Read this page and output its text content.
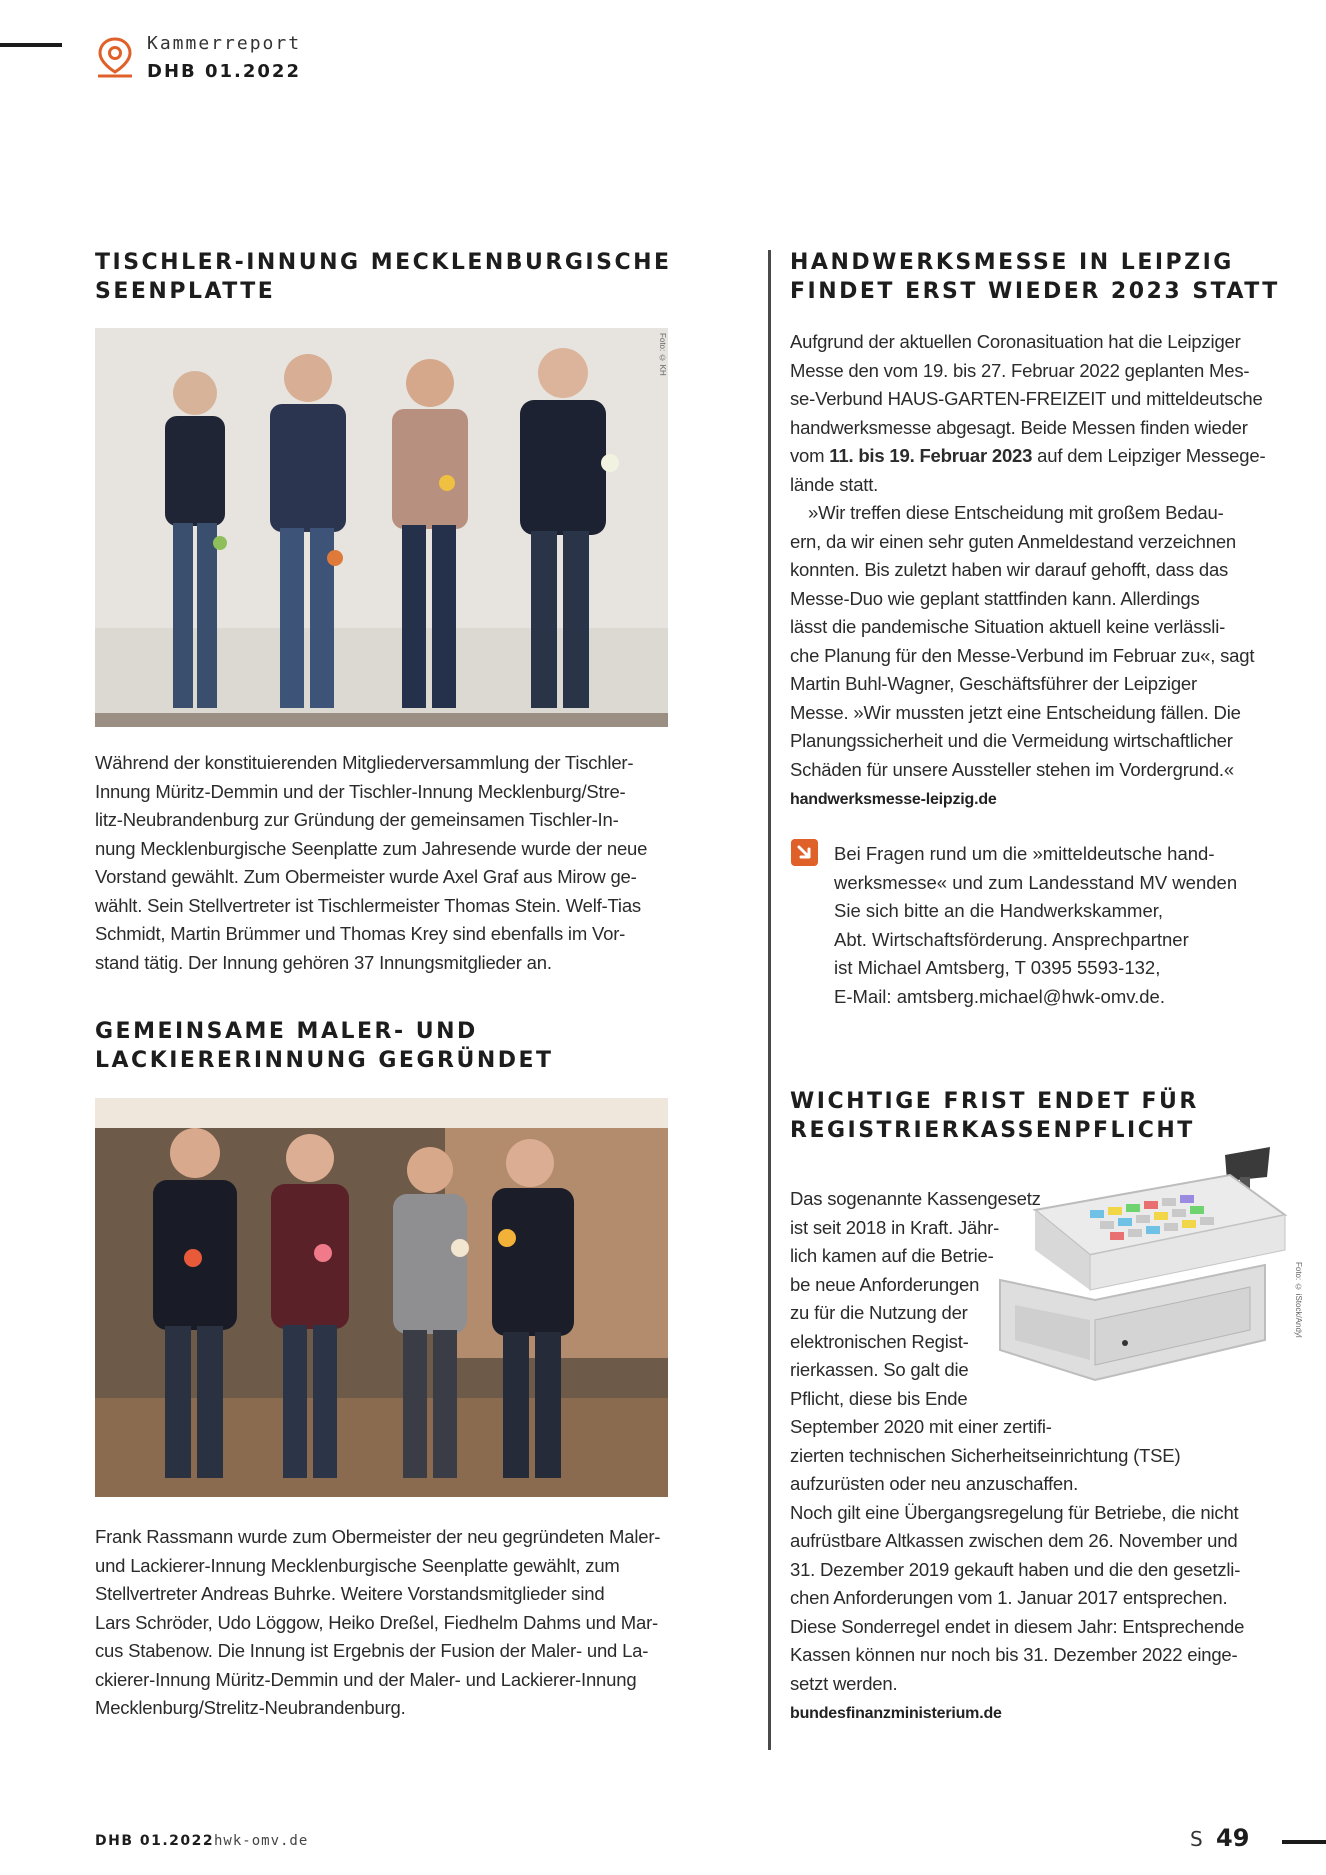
Kammerreport
DHB 01.2022
TISCHLER-INNUNG MECKLENBURGISCHE
SEENPLATTE
Foto: © KH

Während der konstituierenden Mitgliederversammlung der Tischler-
Innung Müritz-Demmin und der Tischler-Innung Mecklenburg/Stre-
litz-Neubrandenburg zur Gründung der gemeinsamen Tischler-In-
nung Mecklenburgische Seenplatte zum Jahresende wurde der neue
Vorstand gewählt. Zum Obermeister wurde Axel Graf aus Mirow ge-
wählt. Sein Stellvertreter ist Tischlermeister Thomas Stein. Welf-Tias
Schmidt, Martin Brümmer und Thomas Krey sind ebenfalls im Vor-
stand tätig. Der Innung gehören 37 Innungsmitglieder an.

GEMEINSAME MALER- UND
LACKIERERINNUNG GEGRÜNDET

Frank Rassmann wurde zum Obermeister der neu gegründeten Maler-
und Lackierer-Innung Mecklenburgische Seenplatte gewählt, zum
Stellvertreter Andreas Buhrke. Weitere Vorstandsmitglieder sind
Lars Schröder, Udo Löggow, Heiko Dreßel, Fiedhelm Dahms und Mar-
cus Stabenow. Die Innung ist Ergebnis der Fusion der Maler- und La-
ckierer-Innung Müritz-Demmin und der Maler- und Lackierer-Innung
Mecklenburg/Strelitz-Neubrandenburg.

HANDWERKSMESSE IN LEIPZIG
FINDET ERST WIEDER 2023 STATT

Aufgrund der aktuellen Coronasituation hat die Leipziger
Messe den vom 19. bis 27. Februar 2022 geplanten Mes-
se-Verbund HAUS-GARTEN-FREIZEIT und mitteldeutsche
handwerksmesse abgesagt. Beide Messen finden wieder
vom 11. bis 19. Februar 2023 auf dem Leipziger Messege-
lände statt.
»Wir treffen diese Entscheidung mit großem Bedau-
ern, da wir einen sehr guten Anmeldestand verzeichnen
konnten. Bis zuletzt haben wir darauf gehofft, dass das
Messe-Duo wie geplant stattfinden kann. Allerdings
lässt die pandemische Situation aktuell keine verlässli-
che Planung für den Messe-Verbund im Februar zu«, sagt
Martin Buhl-Wagner, Geschäftsführer der Leipziger
Messe. »Wir mussten jetzt eine Entscheidung fällen. Die
Planungssicherheit und die Vermeidung wirtschaftlicher
Schäden für unsere Aussteller stehen im Vordergrund.«
handwerksmesse-leipzig.de

Bei Fragen rund um die »mitteldeutsche hand-
werksmesse« und zum Landesstand MV wenden
Sie sich bitte an die Handwerkskammer,
Abt. Wirtschaftsförderung. Ansprechpartner
ist Michael Amtsberg, T 0395 5593-132,
E-Mail: amtsberg.michael@hwk-omv.de.

WICHTIGE FRIST ENDET FÜR
REGISTRIERKASSENPFLICHT
Foto: © iStock/Andyl

Das sogenannte Kassengesetz
ist seit 2018 in Kraft. Jähr-
lich kamen auf die Betrie-
be neue Anforderungen
zu für die Nutzung der
elektronischen Regist-
rierkassen. So galt die
Pflicht, diese bis Ende
September 2020 mit einer zertifi-
zierten technischen Sicherheitseinrichtung (TSE)
aufzurüsten oder neu anzuschaffen.
Noch gilt eine Übergangsregelung für Betriebe, die nicht
aufrüstbare Altkassen zwischen dem 26. November und
31. Dezember 2019 gekauft haben und die den gesetzli-
chen Anforderungen vom 1. Januar 2017 entsprechen.
Diese Sonderregel endet in diesem Jahr: Entsprechende
Kassen können nur noch bis 31. Dezember 2022 einge-
setzt werden.
bundesfinanzministerium.de

DHB 01.2022 hwk-omv.de	S 49
